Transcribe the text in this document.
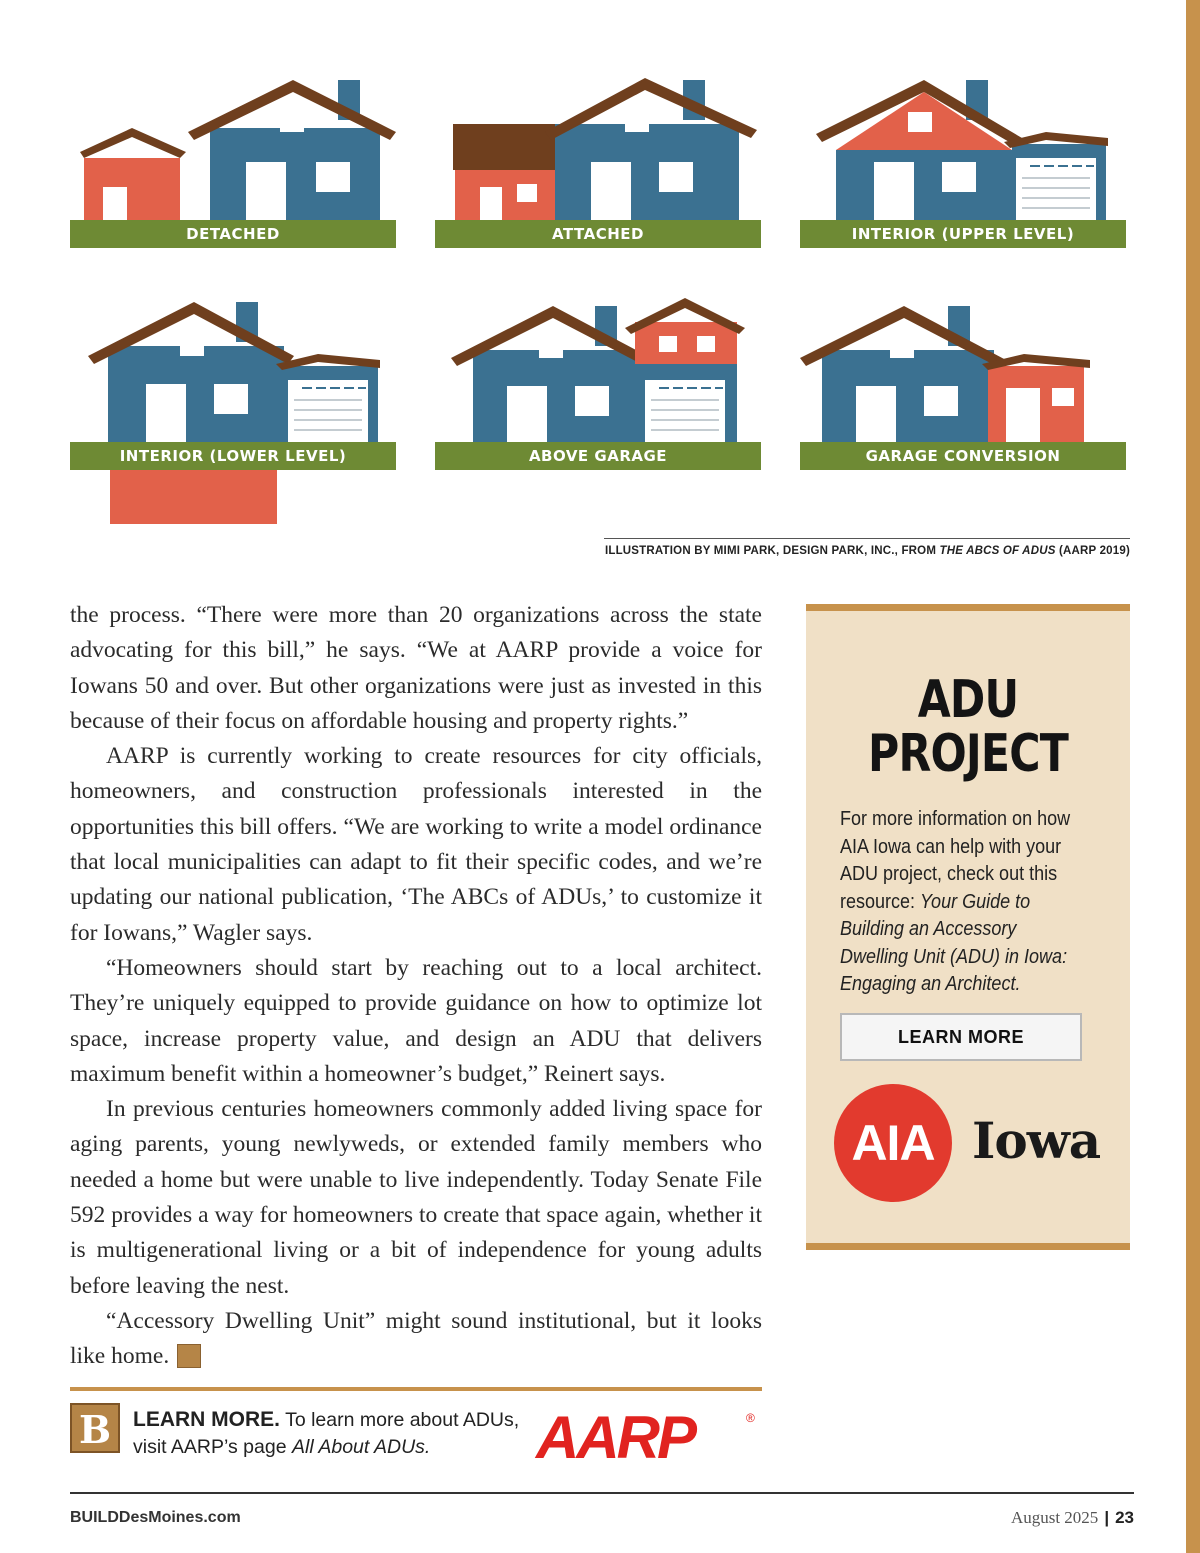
DETACHED	ATTACHED	INTERIOR (UPPER LEVEL)
INTERIOR (LOWER LEVEL)	ABOVE GARAGE	GARAGE CONVERSION
ILLUSTRATION BY MIMI PARK, DESIGN PARK, INC., FROM THE ABCS OF ADUS (AARP 2019)

the process. “There were more than 20 organizations across the state advocating for this bill,” he says. “We at AARP provide a voice for Iowans 50 and over. But other organizations were just as invested in this because of their focus on affordable housing and property rights.”

AARP is currently working to create resources for city officials, homeowners, and construction professionals interested in the opportunities this bill offers. “We are working to write a model ordinance that local municipalities can adapt to fit their specific codes, and we’re updating our national publication, ‘The ABCs of ADUs,’ to customize it for Iowans,” Wagler says.

“Homeowners should start by reaching out to a local architect. They’re uniquely equipped to provide guidance on how to optimize lot space, increase property value, and design an ADU that delivers maximum benefit within a homeowner’s budget,” Reinert says.

In previous centuries homeowners commonly added living space for aging parents, young newlyweds, or extended family members who needed a home but were unable to live independently. Today Senate File 592 provides a way for homeowners to create that space again, whether it is multigenerational living or a bit of independence for young adults before leaving the nest.

“Accessory Dwelling Unit” might sound institutional, but it looks like home.	B

ADU
PROJECT
For more information on how AIA Iowa can help with your ADU project, check out this resource: Your Guide to Building an Accessory Dwelling Unit (ADU) in Iowa: Engaging an Architect.
LEARN MORE
AIA Iowa
B	LEARN MORE. To learn more about ADUs, visit AARP’s page All About ADUs.	AARP	®
BUILDDesMoines.com	August 2025 | 23
